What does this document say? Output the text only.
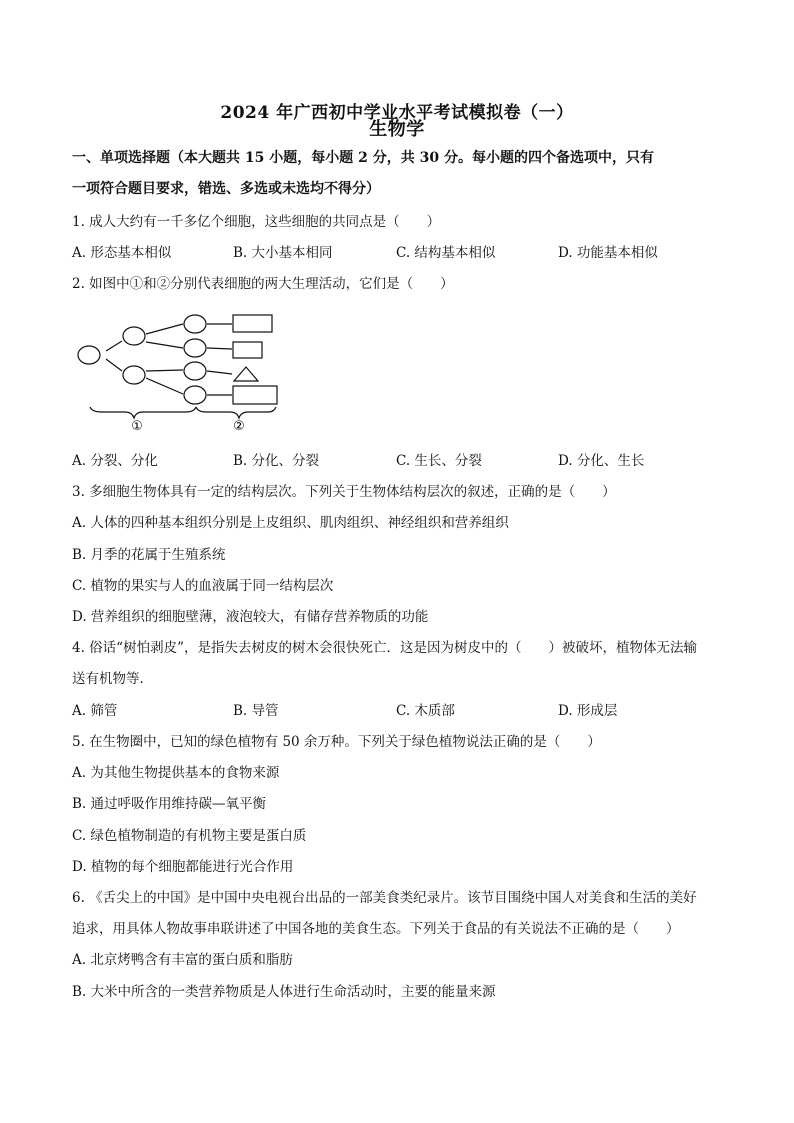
2024 年广西初中学业水平考试模拟卷（一）
生物学
一、单项选择题（本大题共 15 小题，每小题 2 分，共 30 分。每小题的四个备选项中，只有
一项符合题目要求，错选、多选或未选均不得分）
1. 成人大约有一千多亿个细胞，这些细胞的共同点是（　　）
A. 形态基本相似	B. 大小基本相同	C. 结构基本相似	D. 功能基本相似
2. 如图中①和②分别代表细胞的两大生理活动，它们是（　　）
①	②
A. 分裂、分化	B. 分化、分裂	C. 生长、分裂	D. 分化、生长
3. 多细胞生物体具有一定的结构层次。下列关于生物体结构层次的叙述，正确的是（　　）
A. 人体的四种基本组织分别是上皮组织、肌肉组织、神经组织和营养组织
B. 月季的花属于生殖系统
C. 植物的果实与人的血液属于同一结构层次
D. 营养组织的细胞壁薄，液泡较大，有储存营养物质的功能
4. 俗话“树怕剥皮”，是指失去树皮的树木会很快死亡．这是因为树皮中的（　　）被破坏，植物体无法输
送有机物等．
A. 筛管	B. 导管	C. 木质部	D. 形成层
5. 在生物圈中，已知的绿色植物有 50 余万种。下列关于绿色植物说法正确的是（　　）
A. 为其他生物提供基本的食物来源
B. 通过呼吸作用维持碳—氧平衡
C. 绿色植物制造的有机物主要是蛋白质
D. 植物的每个细胞都能进行光合作用
6. 《舌尖上的中国》是中国中央电视台出品的一部美食类纪录片。该节目围绕中国人对美食和生活的美好
追求，用具体人物故事串联讲述了中国各地的美食生态。下列关于食品的有关说法不正确的是（　　）
A. 北京烤鸭含有丰富的蛋白质和脂肪
B. 大米中所含的一类营养物质是人体进行生命活动时，主要的能量来源
